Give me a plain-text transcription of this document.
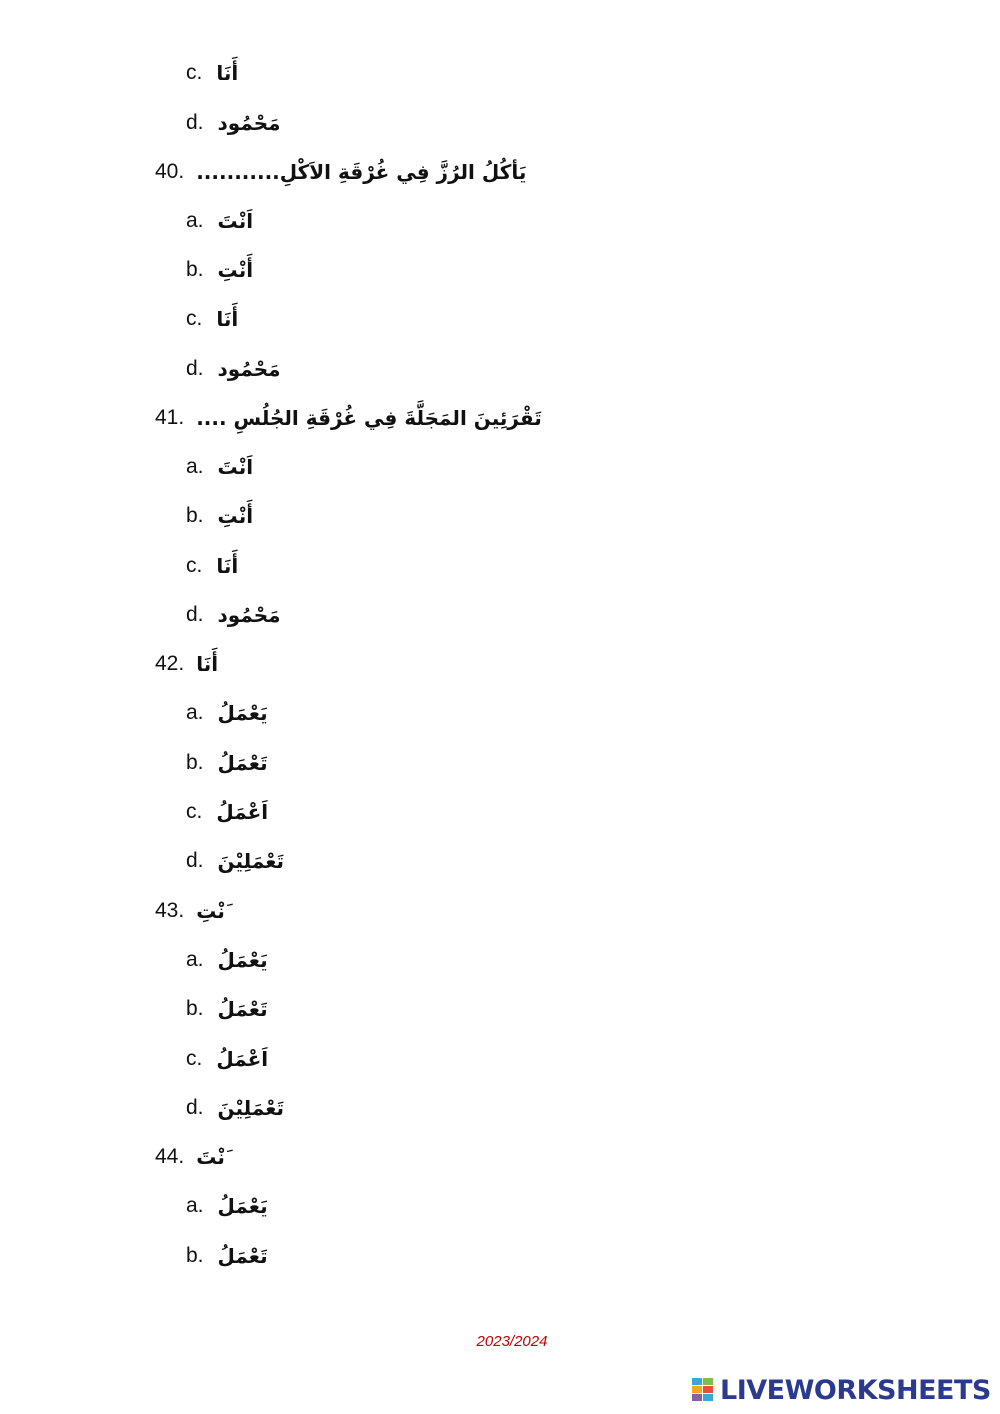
c. أَنَا
d. مَحْمُود
40. يَأكُلُ الرُزَّ فِي غُرْقَةِ الاَكْلِ...........
a. اَنْتَ
b. أَنْتِ
c. أَنَا
d. مَحْمُود
41. تَقْرَئِينَ المَجَلَّةَ فِي غُرْقَةِ الجُلُسِ ....
a. اَنْتَ
b. أَنْتِ
c. أَنَا
d. مَحْمُود
42. أَنَا
a. يَعْمَلُ
b. تَعْمَلُ
c. اَعْمَلُ
d. تَعْمَلِيْنَ
43. َنْتِ
a. يَعْمَلُ
b. تَعْمَلُ
c. اَعْمَلُ
d. تَعْمَلِيْنَ
44. َنْتَ
a. يَعْمَلُ
b. تَعْمَلُ
2023/2024
LIVEWORKSHEETS
